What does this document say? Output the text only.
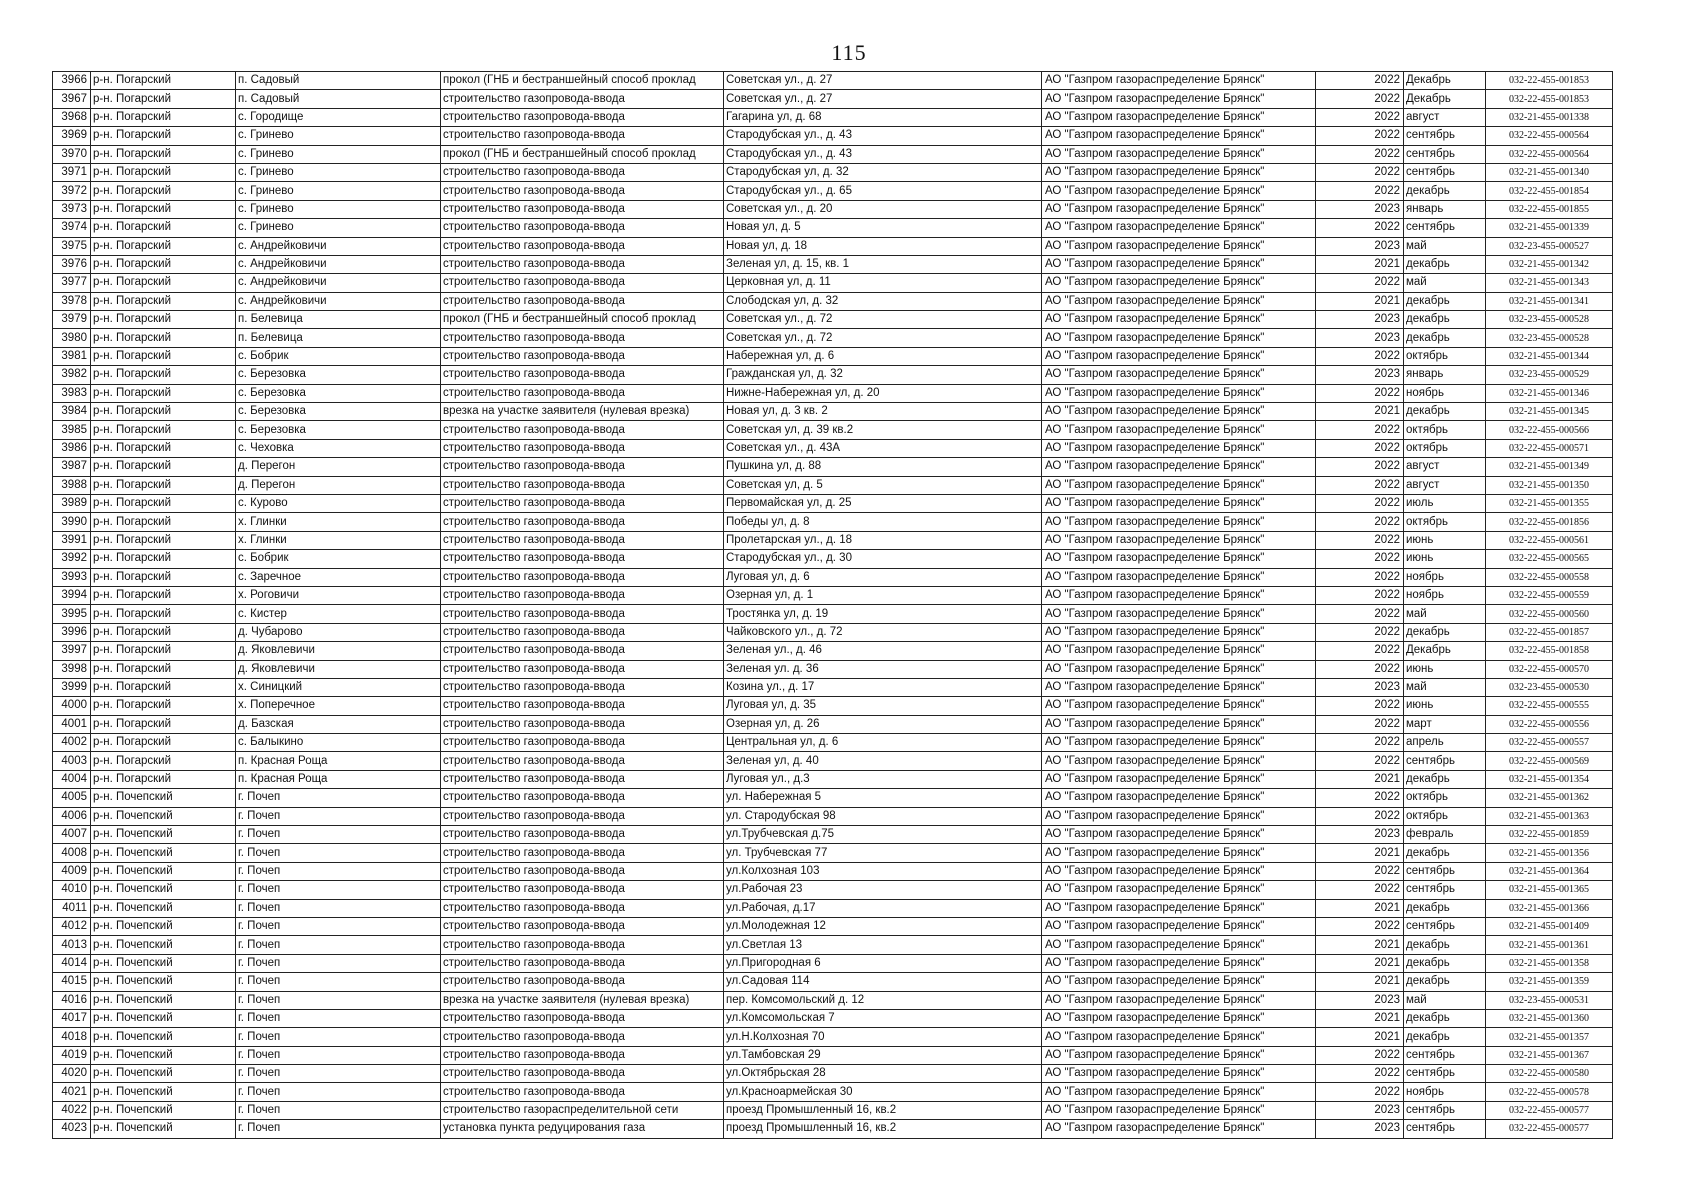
115
3966	р-н. Погарский	п. Садовый	прокол (ГНБ и бестраншейный способ проклад	Советская ул., д. 27	АО "Газпром газораспределение Брянск"	2022	Декабрь	032-22-455-001853
3967	р-н. Погарский	п. Садовый	строительство газопровода-ввода	Советская ул., д. 27	АО "Газпром газораспределение Брянск"	2022	Декабрь	032-22-455-001853
3968	р-н. Погарский	с. Городище	строительство газопровода-ввода	Гагарина ул, д. 68	АО "Газпром газораспределение Брянск"	2022	август	032-21-455-001338
3969	р-н. Погарский	с. Гринево	строительство газопровода-ввода	Стародубская ул., д. 43	АО "Газпром газораспределение Брянск"	2022	сентябрь	032-22-455-000564
3970	р-н. Погарский	с. Гринево	прокол (ГНБ и бестраншейный способ проклад	Стародубская ул., д. 43	АО "Газпром газораспределение Брянск"	2022	сентябрь	032-22-455-000564
3971	р-н. Погарский	с. Гринево	строительство газопровода-ввода	Стародубская ул, д. 32	АО "Газпром газораспределение Брянск"	2022	сентябрь	032-21-455-001340
3972	р-н. Погарский	с. Гринево	строительство газопровода-ввода	Стародубская ул., д. 65	АО "Газпром газораспределение Брянск"	2022	декабрь	032-22-455-001854
3973	р-н. Погарский	с. Гринево	строительство газопровода-ввода	Советская ул., д. 20	АО "Газпром газораспределение Брянск"	2023	январь	032-22-455-001855
3974	р-н. Погарский	с. Гринево	строительство газопровода-ввода	Новая ул, д. 5	АО "Газпром газораспределение Брянск"	2022	сентябрь	032-21-455-001339
3975	р-н. Погарский	с. Андрейковичи	строительство газопровода-ввода	Новая ул, д. 18	АО "Газпром газораспределение Брянск"	2023	май	032-23-455-000527
3976	р-н. Погарский	с. Андрейковичи	строительство газопровода-ввода	Зеленая ул, д. 15, кв. 1	АО "Газпром газораспределение Брянск"	2021	декабрь	032-21-455-001342
3977	р-н. Погарский	с. Андрейковичи	строительство газопровода-ввода	Церковная ул, д. 11	АО "Газпром газораспределение Брянск"	2022	май	032-21-455-001343
3978	р-н. Погарский	с. Андрейковичи	строительство газопровода-ввода	Слободская ул, д. 32	АО "Газпром газораспределение Брянск"	2021	декабрь	032-21-455-001341
3979	р-н. Погарский	п. Белевица	прокол (ГНБ и бестраншейный способ проклад	Советская ул., д. 72	АО "Газпром газораспределение Брянск"	2023	декабрь	032-23-455-000528
3980	р-н. Погарский	п. Белевица	строительство газопровода-ввода	Советская ул., д. 72	АО "Газпром газораспределение Брянск"	2023	декабрь	032-23-455-000528
3981	р-н. Погарский	с. Бобрик	строительство газопровода-ввода	Набережная ул, д. 6	АО "Газпром газораспределение Брянск"	2022	октябрь	032-21-455-001344
3982	р-н. Погарский	с. Березовка	строительство газопровода-ввода	Гражданская ул, д. 32	АО "Газпром газораспределение Брянск"	2023	январь	032-23-455-000529
3983	р-н. Погарский	с. Березовка	строительство газопровода-ввода	Нижне-Набережная ул, д. 20	АО "Газпром газораспределение Брянск"	2022	ноябрь	032-21-455-001346
3984	р-н. Погарский	с. Березовка	врезка на участке заявителя (нулевая врезка)	Новая ул, д. 3 кв. 2	АО "Газпром газораспределение Брянск"	2021	декабрь	032-21-455-001345
3985	р-н. Погарский	с. Березовка	строительство газопровода-ввода	Советская ул, д. 39 кв.2	АО "Газпром газораспределение Брянск"	2022	октябрь	032-22-455-000566
3986	р-н. Погарский	с. Чеховка	строительство газопровода-ввода	Советская ул., д. 43А	АО "Газпром газораспределение Брянск"	2022	октябрь	032-22-455-000571
3987	р-н. Погарский	д. Перегон	строительство газопровода-ввода	Пушкина ул, д. 88	АО "Газпром газораспределение Брянск"	2022	август	032-21-455-001349
3988	р-н. Погарский	д. Перегон	строительство газопровода-ввода	Советская ул, д. 5	АО "Газпром газораспределение Брянск"	2022	август	032-21-455-001350
3989	р-н. Погарский	с. Курово	строительство газопровода-ввода	Первомайская ул, д. 25	АО "Газпром газораспределение Брянск"	2022	июль	032-21-455-001355
3990	р-н. Погарский	х. Глинки	строительство газопровода-ввода	Победы ул, д. 8	АО "Газпром газораспределение Брянск"	2022	октябрь	032-22-455-001856
3991	р-н. Погарский	х. Глинки	строительство газопровода-ввода	Пролетарская ул., д. 18	АО "Газпром газораспределение Брянск"	2022	июнь	032-22-455-000561
3992	р-н. Погарский	с. Бобрик	строительство газопровода-ввода	Стародубская ул., д. 30	АО "Газпром газораспределение Брянск"	2022	июнь	032-22-455-000565
3993	р-н. Погарский	с. Заречное	строительство газопровода-ввода	Луговая ул, д. 6	АО "Газпром газораспределение Брянск"	2022	ноябрь	032-22-455-000558
3994	р-н. Погарский	х. Роговичи	строительство газопровода-ввода	Озерная ул, д. 1	АО "Газпром газораспределение Брянск"	2022	ноябрь	032-22-455-000559
3995	р-н. Погарский	с. Кистер	строительство газопровода-ввода	Тростянка ул, д. 19	АО "Газпром газораспределение Брянск"	2022	май	032-22-455-000560
3996	р-н. Погарский	д. Чубарово	строительство газопровода-ввода	Чайковского ул., д. 72	АО "Газпром газораспределение Брянск"	2022	декабрь	032-22-455-001857
3997	р-н. Погарский	д. Яковлевичи	строительство газопровода-ввода	Зеленая ул., д. 46	АО "Газпром газораспределение Брянск"	2022	Декабрь	032-22-455-001858
3998	р-н. Погарский	д. Яковлевичи	строительство газопровода-ввода	Зеленая ул. д. 36	АО "Газпром газораспределение Брянск"	2022	июнь	032-22-455-000570
3999	р-н. Погарский	х. Синицкий	строительство газопровода-ввода	Козина ул., д. 17	АО "Газпром газораспределение Брянск"	2023	май	032-23-455-000530
4000	р-н. Погарский	х. Поперечное	строительство газопровода-ввода	Луговая ул, д. 35	АО "Газпром газораспределение Брянск"	2022	июнь	032-22-455-000555
4001	р-н. Погарский	д. Базская	строительство газопровода-ввода	Озерная ул, д. 26	АО "Газпром газораспределение Брянск"	2022	март	032-22-455-000556
4002	р-н. Погарский	с. Балыкино	строительство газопровода-ввода	Центральная ул, д. 6	АО "Газпром газораспределение Брянск"	2022	апрель	032-22-455-000557
4003	р-н. Погарский	п. Красная Роща	строительство газопровода-ввода	Зеленая ул, д. 40	АО "Газпром газораспределение Брянск"	2022	сентябрь	032-22-455-000569
4004	р-н. Погарский	п. Красная Роща	строительство газопровода-ввода	Луговая ул., д.3	АО "Газпром газораспределение Брянск"	2021	декабрь	032-21-455-001354
4005	р-н. Почепский	г. Почеп	строительство газопровода-ввода	ул. Набережная 5	АО "Газпром газораспределение Брянск"	2022	октябрь	032-21-455-001362
4006	р-н. Почепский	г. Почеп	строительство газопровода-ввода	ул. Стародубская 98	АО "Газпром газораспределение Брянск"	2022	октябрь	032-21-455-001363
4007	р-н. Почепский	г. Почеп	строительство газопровода-ввода	ул.Трубчевская д.75	АО "Газпром газораспределение Брянск"	2023	февраль	032-22-455-001859
4008	р-н. Почепский	г. Почеп	строительство газопровода-ввода	ул. Трубчевская 77	АО "Газпром газораспределение Брянск"	2021	декабрь	032-21-455-001356
4009	р-н. Почепский	г. Почеп	строительство газопровода-ввода	ул.Колхозная 103	АО "Газпром газораспределение Брянск"	2022	сентябрь	032-21-455-001364
4010	р-н. Почепский	г. Почеп	строительство газопровода-ввода	ул.Рабочая 23	АО "Газпром газораспределение Брянск"	2022	сентябрь	032-21-455-001365
4011	р-н. Почепский	г. Почеп	строительство газопровода-ввода	ул.Рабочая, д.17	АО "Газпром газораспределение Брянск"	2021	декабрь	032-21-455-001366
4012	р-н. Почепский	г. Почеп	строительство газопровода-ввода	ул.Молодежная 12	АО "Газпром газораспределение Брянск"	2022	сентябрь	032-21-455-001409
4013	р-н. Почепский	г. Почеп	строительство газопровода-ввода	ул.Светлая 13	АО "Газпром газораспределение Брянск"	2021	декабрь	032-21-455-001361
4014	р-н. Почепский	г. Почеп	строительство газопровода-ввода	ул.Пригородная 6	АО "Газпром газораспределение Брянск"	2021	декабрь	032-21-455-001358
4015	р-н. Почепский	г. Почеп	строительство газопровода-ввода	ул.Садовая 114	АО "Газпром газораспределение Брянск"	2021	декабрь	032-21-455-001359
4016	р-н. Почепский	г. Почеп	врезка на участке заявителя (нулевая врезка)	пер. Комсомольский д. 12	АО "Газпром газораспределение Брянск"	2023	май	032-23-455-000531
4017	р-н. Почепский	г. Почеп	строительство газопровода-ввода	ул.Комсомольская 7	АО "Газпром газораспределение Брянск"	2021	декабрь	032-21-455-001360
4018	р-н. Почепский	г. Почеп	строительство газопровода-ввода	ул.Н.Колхозная 70	АО "Газпром газораспределение Брянск"	2021	декабрь	032-21-455-001357
4019	р-н. Почепский	г. Почеп	строительство газопровода-ввода	ул.Тамбовская 29	АО "Газпром газораспределение Брянск"	2022	сентябрь	032-21-455-001367
4020	р-н. Почепский	г. Почеп	строительство газопровода-ввода	ул.Октябрьская 28	АО "Газпром газораспределение Брянск"	2022	сентябрь	032-22-455-000580
4021	р-н. Почепский	г. Почеп	строительство газопровода-ввода	ул.Красноармейская 30	АО "Газпром газораспределение Брянск"	2022	ноябрь	032-22-455-000578
4022	р-н. Почепский	г. Почеп	строительство газораспределительной сети	проезд Промышленный 16, кв.2	АО "Газпром газораспределение Брянск"	2023	сентябрь	032-22-455-000577
4023	р-н. Почепский	г. Почеп	установка пункта редуцирования газа	проезд Промышленный 16, кв.2	АО "Газпром газораспределение Брянск"	2023	сентябрь	032-22-455-000577
